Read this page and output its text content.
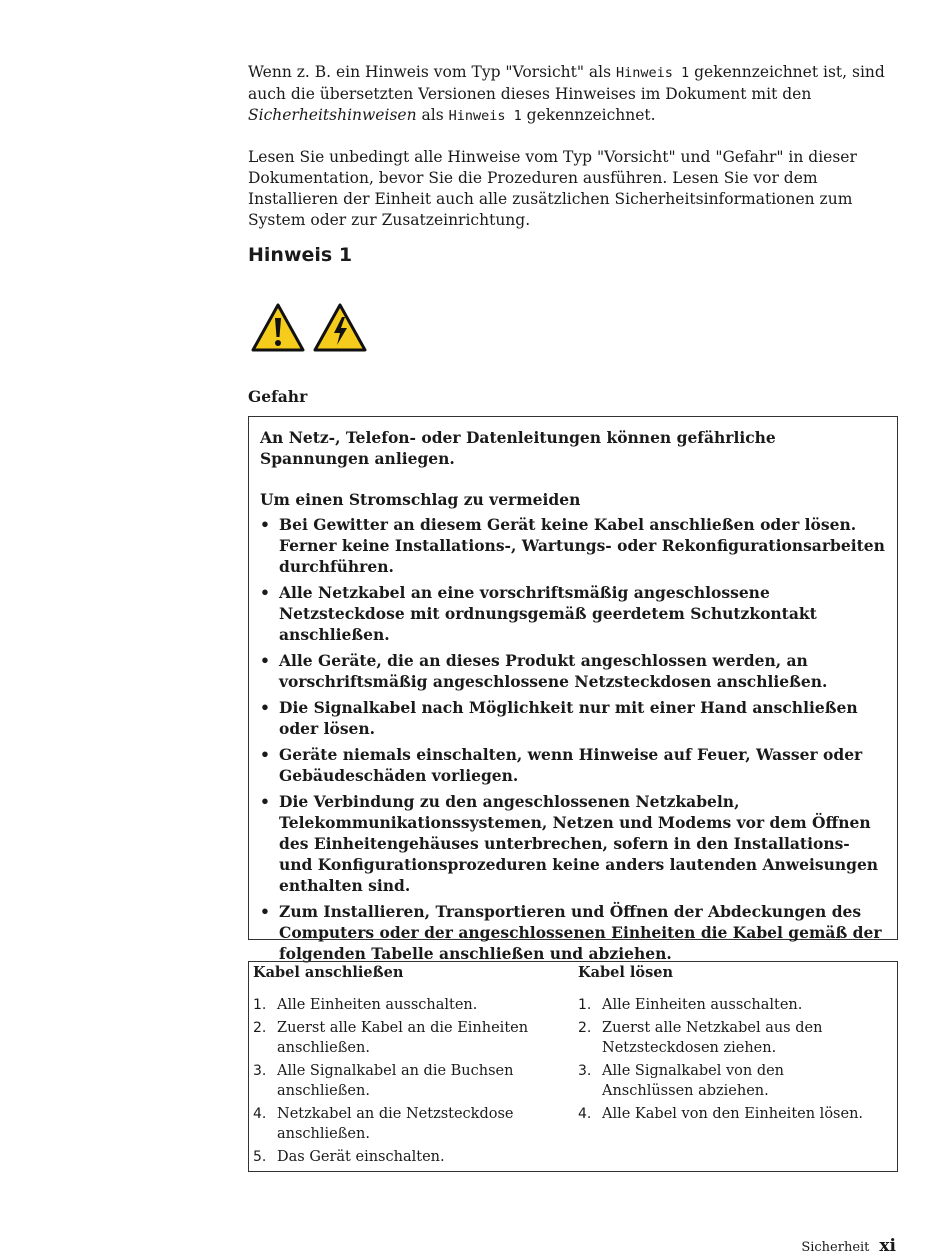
Wenn z. B. ein Hinweis vom Typ "Vorsicht" als Hinweis 1 gekennzeichnet ist, sind auch die übersetzten Versionen dieses Hinweises im Dokument mit den Sicherheitshinweisen als Hinweis 1 gekennzeichnet.

Lesen Sie unbedingt alle Hinweise vom Typ "Vorsicht" und "Gefahr" in dieser Dokumentation, bevor Sie die Prozeduren ausführen. Lesen Sie vor dem Installieren der Einheit auch alle zusätzlichen Sicherheitsinformationen zum System oder zur Zusatzeinrichtung.

Hinweis 1
Gefahr

An Netz-, Telefon- oder Datenleitungen können gefährliche Spannungen anliegen.

Um einen Stromschlag zu vermeiden

• Bei Gewitter an diesem Gerät keine Kabel anschließen oder lösen. Ferner keine Installations-, Wartungs- oder Rekonfigurationsarbeiten durchführen.
• Alle Netzkabel an eine vorschriftsmäßig angeschlossene Netzsteckdose mit ordnungsgemäß geerdetem Schutzkontakt anschließen.
• Alle Geräte, die an dieses Produkt angeschlossen werden, an vorschriftsmäßig angeschlossene Netzsteckdosen anschließen.
• Die Signalkabel nach Möglichkeit nur mit einer Hand anschließen oder lösen.
• Geräte niemals einschalten, wenn Hinweise auf Feuer, Wasser oder Gebäudeschäden vorliegen.
• Die Verbindung zu den angeschlossenen Netzkabeln, Telekommunikationssystemen, Netzen und Modems vor dem Öffnen des Einheitengehäuses unterbrechen, sofern in den Installations- und Konfigurationsprozeduren keine anders lautenden Anweisungen enthalten sind.
• Zum Installieren, Transportieren und Öffnen der Abdeckungen des Computers oder der angeschlossenen Einheiten die Kabel gemäß der folgenden Tabelle anschließen und abziehen.
Kabel anschließen
1. Alle Einheiten ausschalten.
2. Zuerst alle Kabel an die Einheiten anschließen.
3. Alle Signalkabel an die Buchsen anschließen.
4. Netzkabel an die Netzsteckdose anschließen.
5. Das Gerät einschalten.
Kabel lösen
1. Alle Einheiten ausschalten.
2. Zuerst alle Netzkabel aus den Netzsteckdosen ziehen.
3. Alle Signalkabel von den Anschlüssen abziehen.
4. Alle Kabel von den Einheiten lösen.
Sicherheit xi
